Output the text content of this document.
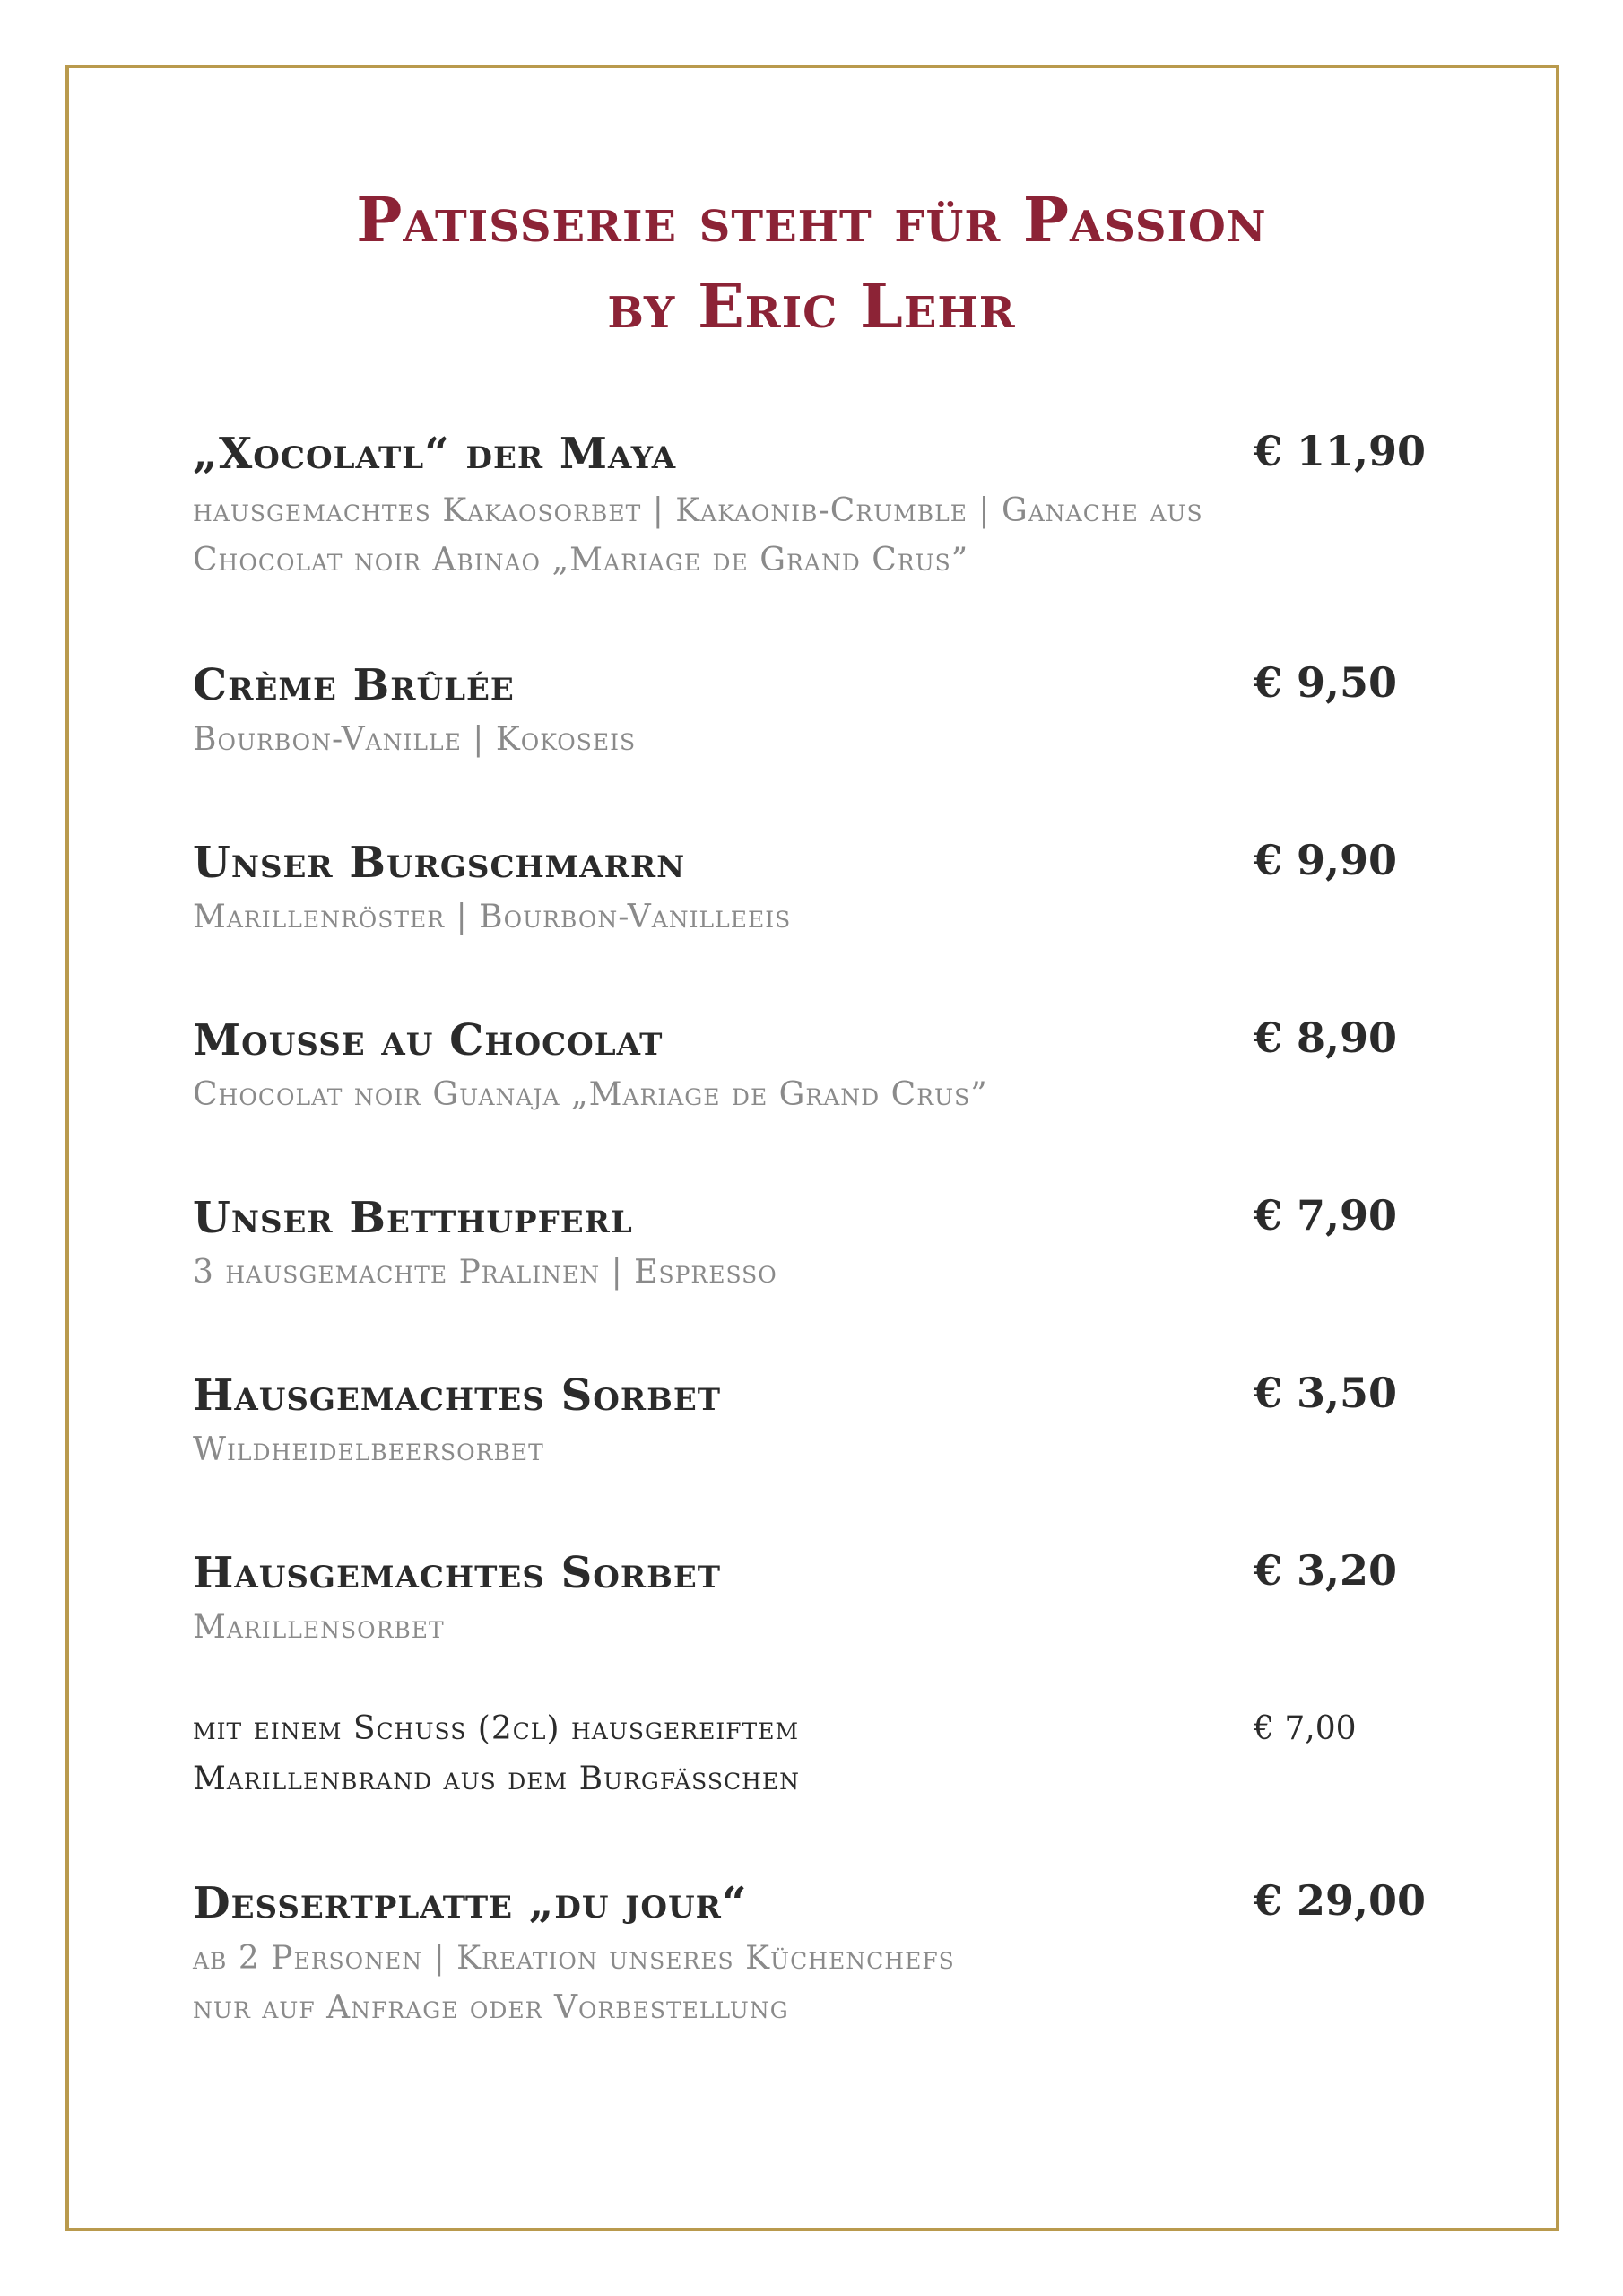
Patisserie steht für Passion
by Eric Lehr
„Xocolatl“ der Maya	€ 11,90
hausgemachtes Kakaosorbet | Kakaonib-Crumble | Ganache aus
Chocolat noir Abinao „Mariage de Grand Crus”
Crème Brûlée	€ 9,50
Bourbon-Vanille | Kokoseis
Unser Burgschmarrn	€ 9,90
Marillenröster | Bourbon-Vanilleeis
Mousse au Chocolat	€ 8,90
Chocolat noir Guanaja „Mariage de Grand Crus”
Unser Betthupferl	€ 7,90
3 hausgemachte Pralinen | Espresso
Hausgemachtes Sorbet	€ 3,50
Wildheidelbeersorbet
Hausgemachtes Sorbet	€ 3,20
Marillensorbet
mit einem Schuss (2cl) hausgereiftem	€ 7,00
Marillenbrand aus dem Burgfässchen
Dessertplatte „du jour“	€ 29,00
ab 2 Personen | Kreation unseres Küchenchefs
nur auf Anfrage oder Vorbestellung
